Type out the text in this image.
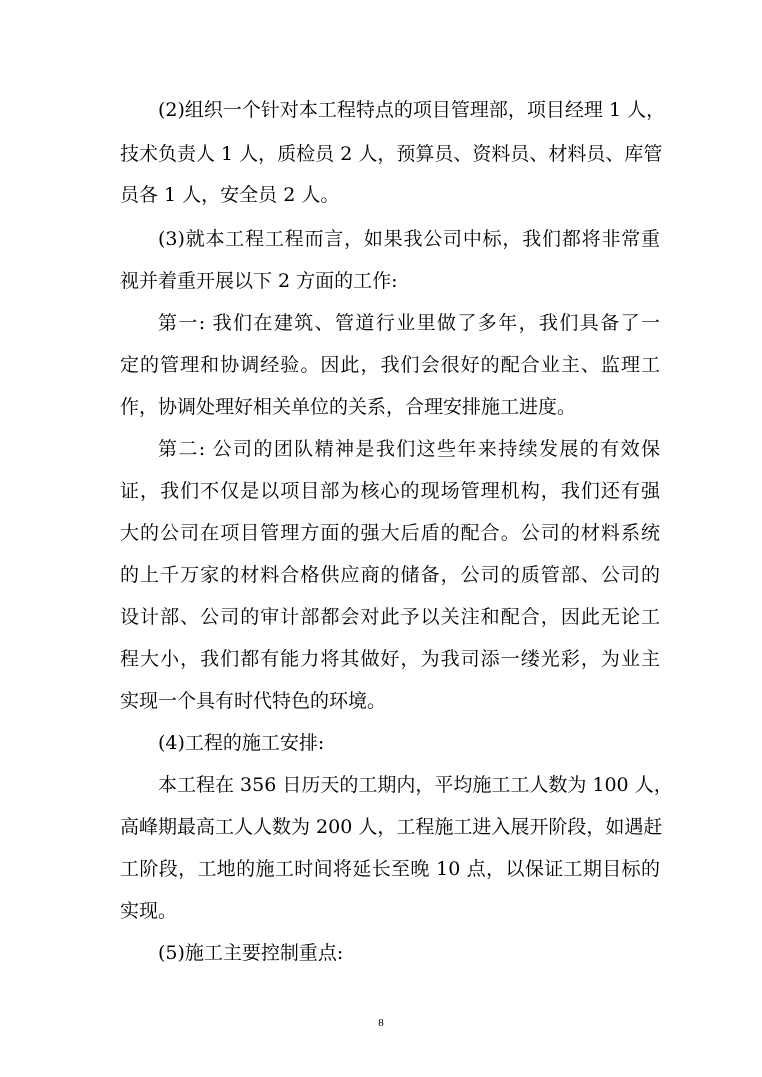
(2)组织一个针对本工程特点的项目管理部，项目经理 1 人，
技术负责人 1 人，质检员 2 人，预算员、资料员、材料员、库管
员各 1 人，安全员 2 人。
(3)就本工程工程而言，如果我公司中标，我们都将非常重
视并着重开展以下 2 方面的工作:
第一: 我们在建筑、管道行业里做了多年，我们具备了一
定的管理和协调经验。因此，我们会很好的配合业主、监理工
作，协调处理好相关单位的关系，合理安排施工进度。
第二: 公司的团队精神是我们这些年来持续发展的有效保
证，我们不仅是以项目部为核心的现场管理机构，我们还有强
大的公司在项目管理方面的强大后盾的配合。公司的材料系统
的上千万家的材料合格供应商的储备，公司的质管部、公司的
设计部、公司的审计部都会对此予以关注和配合，因此无论工
程大小，我们都有能力将其做好，为我司添一缕光彩，为业主
实现一个具有时代特色的环境。
(4)工程的施工安排:
本工程在 356 日历天的工期内，平均施工工人数为 100 人，
高峰期最高工人人数为 200 人，工程施工进入展开阶段，如遇赶
工阶段，工地的施工时间将延长至晚 10 点，以保证工期目标的
实现。
(5)施工主要控制重点:
8
